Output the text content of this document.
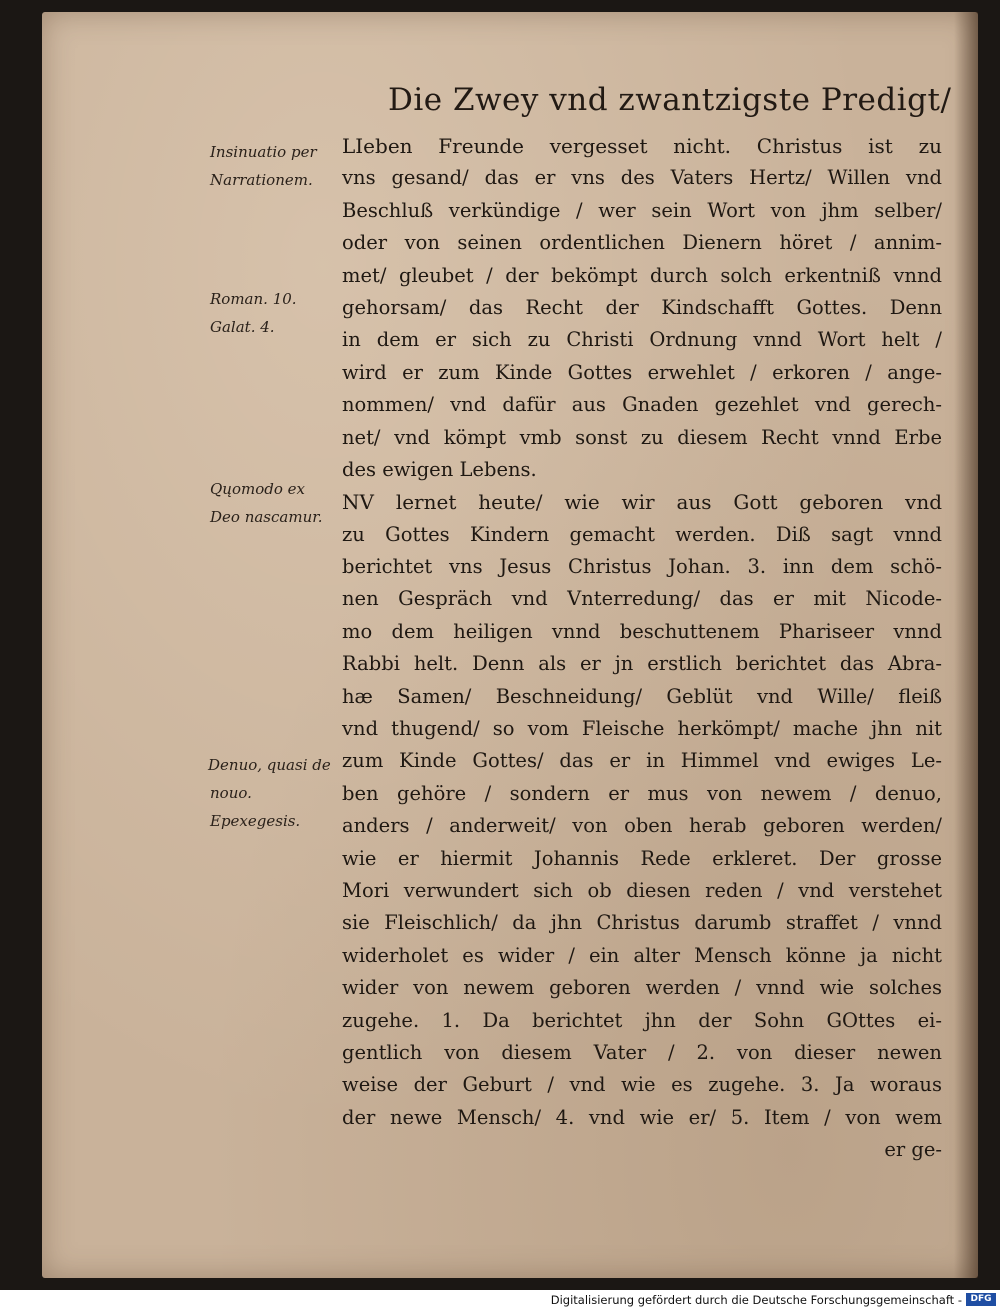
Die Zwey vnd zwantzigste Predigt/
Insinuatio per
Narrationem.
Roman. 10.
Galat. 4.
Qųomodo ex
Deo nascamur.
Denuo, quasi de
nouo.
Epexegesis.
LIeben Freunde vergesset nicht. Christus ist zu
vns gesand/ das er vns des Vaters Hertz/ Willen vnd
Beschluß verkündige / wer sein Wort von jhm selber/
oder von seinen ordentlichen Dienern höret / annim-
met/ gleubet / der bekömpt durch solch erkentniß vnnd
gehorsam/ das Recht der Kindschafft Gottes. Denn
in dem er sich zu Christi Ordnung vnnd Wort helt /
wird er zum Kinde Gottes erwehlet / erkoren / ange-
nommen/ vnd dafür aus Gnaden gezehlet vnd gerech-
net/ vnd kömpt vmb sonst zu diesem Recht vnnd Erbe
des ewigen Lebens.
NV lernet heute/ wie wir aus Gott geboren vnd
zu Gottes Kindern gemacht werden. Diß sagt vnnd
berichtet vns Jesus Christus Johan. 3. inn dem schö-
nen Gespräch vnd Vnterredung/ das er mit Nicode-
mo dem heiligen vnnd beschuttenem Phariseer vnnd
Rabbi helt. Denn als er jn erstlich berichtet das Abra-
hæ Samen/ Beschneidung/ Geblüt vnd Wille/ fleiß
vnd thugend/ so vom Fleische herkömpt/ mache jhn nit
zum Kinde Gottes/ das er in Himmel vnd ewiges Le-
ben gehöre / sondern er mus von newem / denuo,
anders / anderweit/ von oben herab geboren werden/
wie er hiermit Johannis Rede erkleret. Der grosse
Mori verwundert sich ob diesen reden / vnd verstehet
sie Fleischlich/ da jhn Christus darumb straffet / vnnd
widerholet es wider / ein alter Mensch könne ja nicht
wider von newem geboren werden / vnnd wie solches
zugehe. 1. Da berichtet jhn der Sohn GOttes ei-
gentlich von diesem Vater / 2. von dieser newen
weise der Geburt / vnd wie es zugehe. 3. Ja woraus
der newe Mensch/ 4. vnd wie er/ 5. Item / von wem
er ge-
Digitalisierung gefördert durch die Deutsche Forschungsgemeinschaft - DFG
